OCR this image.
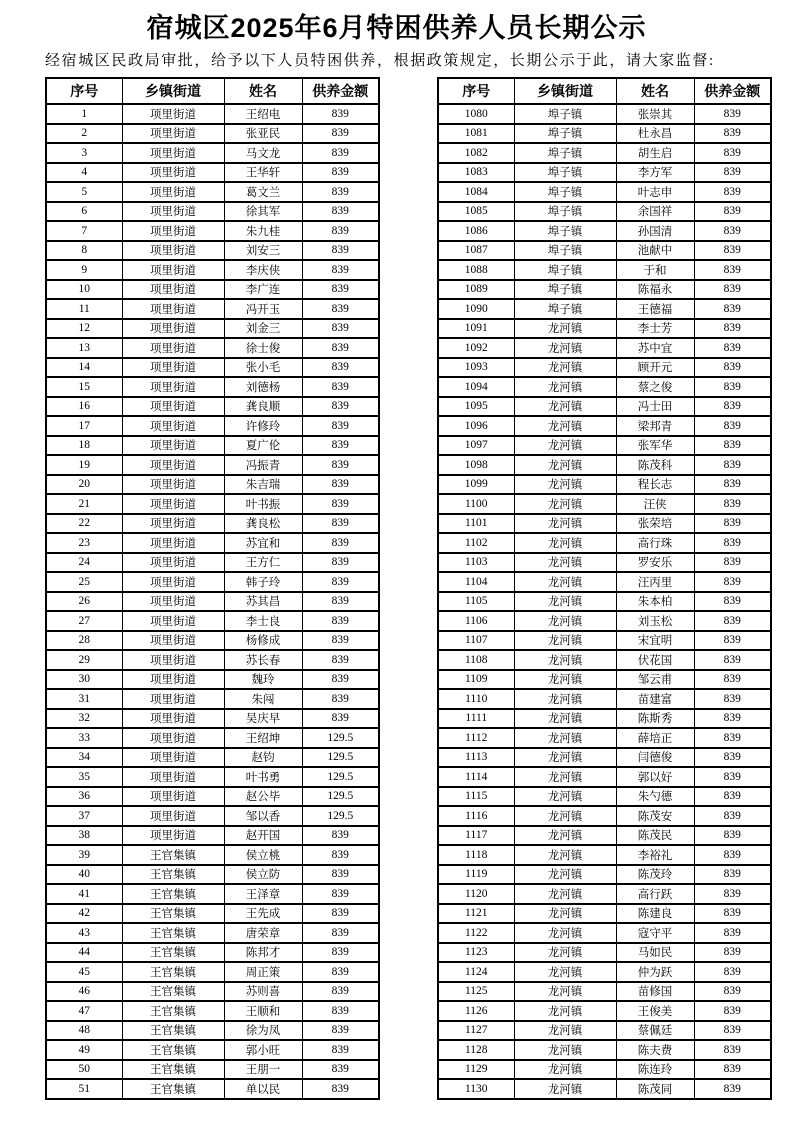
宿城区2025年6月特困供养人员长期公示
经宿城区民政局审批，给予以下人员特困供养，根据政策规定，长期公示于此，请大家监督:
序号	乡镇街道	姓名	供养金额
1	项里街道	王绍电	839
2	项里街道	张亚民	839
3	项里街道	马文龙	839
4	项里街道	王华轩	839
5	项里街道	葛文兰	839
6	项里街道	徐其军	839
7	项里街道	朱九桂	839
8	项里街道	刘安三	839
9	项里街道	李庆侠	839
10	项里街道	李广连	839
11	项里街道	冯开玉	839
12	项里街道	刘金三	839
13	项里街道	徐士俊	839
14	项里街道	张小毛	839
15	项里街道	刘德杨	839
16	项里街道	龚良顺	839
17	项里街道	许修玲	839
18	项里街道	夏广伦	839
19	项里街道	冯振青	839
20	项里街道	朱吉瑞	839
21	项里街道	叶书振	839
22	项里街道	龚良松	839
23	项里街道	苏宜和	839
24	项里街道	王方仁	839
25	项里街道	韩子玲	839
26	项里街道	苏其昌	839
27	项里街道	李士良	839
28	项里街道	杨修成	839
29	项里街道	苏长春	839
30	项里街道	魏玲	839
31	项里街道	朱闯	839
32	项里街道	吴庆早	839
33	项里街道	王绍坤	129.5
34	项里街道	赵钧	129.5
35	项里街道	叶书勇	129.5
36	项里街道	赵公毕	129.5
37	项里街道	邹以香	129.5
38	项里街道	赵开国	839
39	王官集镇	侯立桃	839
40	王官集镇	侯立防	839
41	王官集镇	王泽章	839
42	王官集镇	王先成	839
43	王官集镇	唐荣章	839
44	王官集镇	陈邦才	839
45	王官集镇	周正策	839
46	王官集镇	苏则喜	839
47	王官集镇	王顺和	839
48	王官集镇	徐为凤	839
49	王官集镇	郭小旺	839
50	王官集镇	王朋一	839
51	王官集镇	单以民	839
序号	乡镇街道	姓名	供养金额
1080	埠子镇	张崇其	839
1081	埠子镇	杜永昌	839
1082	埠子镇	胡生启	839
1083	埠子镇	李方军	839
1084	埠子镇	叶志申	839
1085	埠子镇	余国祥	839
1086	埠子镇	孙国清	839
1087	埠子镇	池献中	839
1088	埠子镇	于和	839
1089	埠子镇	陈福永	839
1090	埠子镇	王德福	839
1091	龙河镇	李士芳	839
1092	龙河镇	苏中宜	839
1093	龙河镇	顾开元	839
1094	龙河镇	蔡之俊	839
1095	龙河镇	冯士田	839
1096	龙河镇	梁邦青	839
1097	龙河镇	张军华	839
1098	龙河镇	陈茂科	839
1099	龙河镇	程长志	839
1100	龙河镇	汪侠	839
1101	龙河镇	张荣培	839
1102	龙河镇	高行珠	839
1103	龙河镇	罗安乐	839
1104	龙河镇	汪丙里	839
1105	龙河镇	朱本柏	839
1106	龙河镇	刘玉松	839
1107	龙河镇	宋宜明	839
1108	龙河镇	伏花国	839
1109	龙河镇	邹云甫	839
1110	龙河镇	苗建富	839
1111	龙河镇	陈斯秀	839
1112	龙河镇	薛培正	839
1113	龙河镇	闫德俊	839
1114	龙河镇	郭以好	839
1115	龙河镇	朱勺德	839
1116	龙河镇	陈茂安	839
1117	龙河镇	陈茂民	839
1118	龙河镇	李裕礼	839
1119	龙河镇	陈茂玲	839
1120	龙河镇	高行跃	839
1121	龙河镇	陈建良	839
1122	龙河镇	寇守平	839
1123	龙河镇	马如民	839
1124	龙河镇	仲为跃	839
1125	龙河镇	苗修国	839
1126	龙河镇	王俊美	839
1127	龙河镇	蔡佩廷	839
1128	龙河镇	陈夫费	839
1129	龙河镇	陈连玲	839
1130	龙河镇	陈茂同	839
